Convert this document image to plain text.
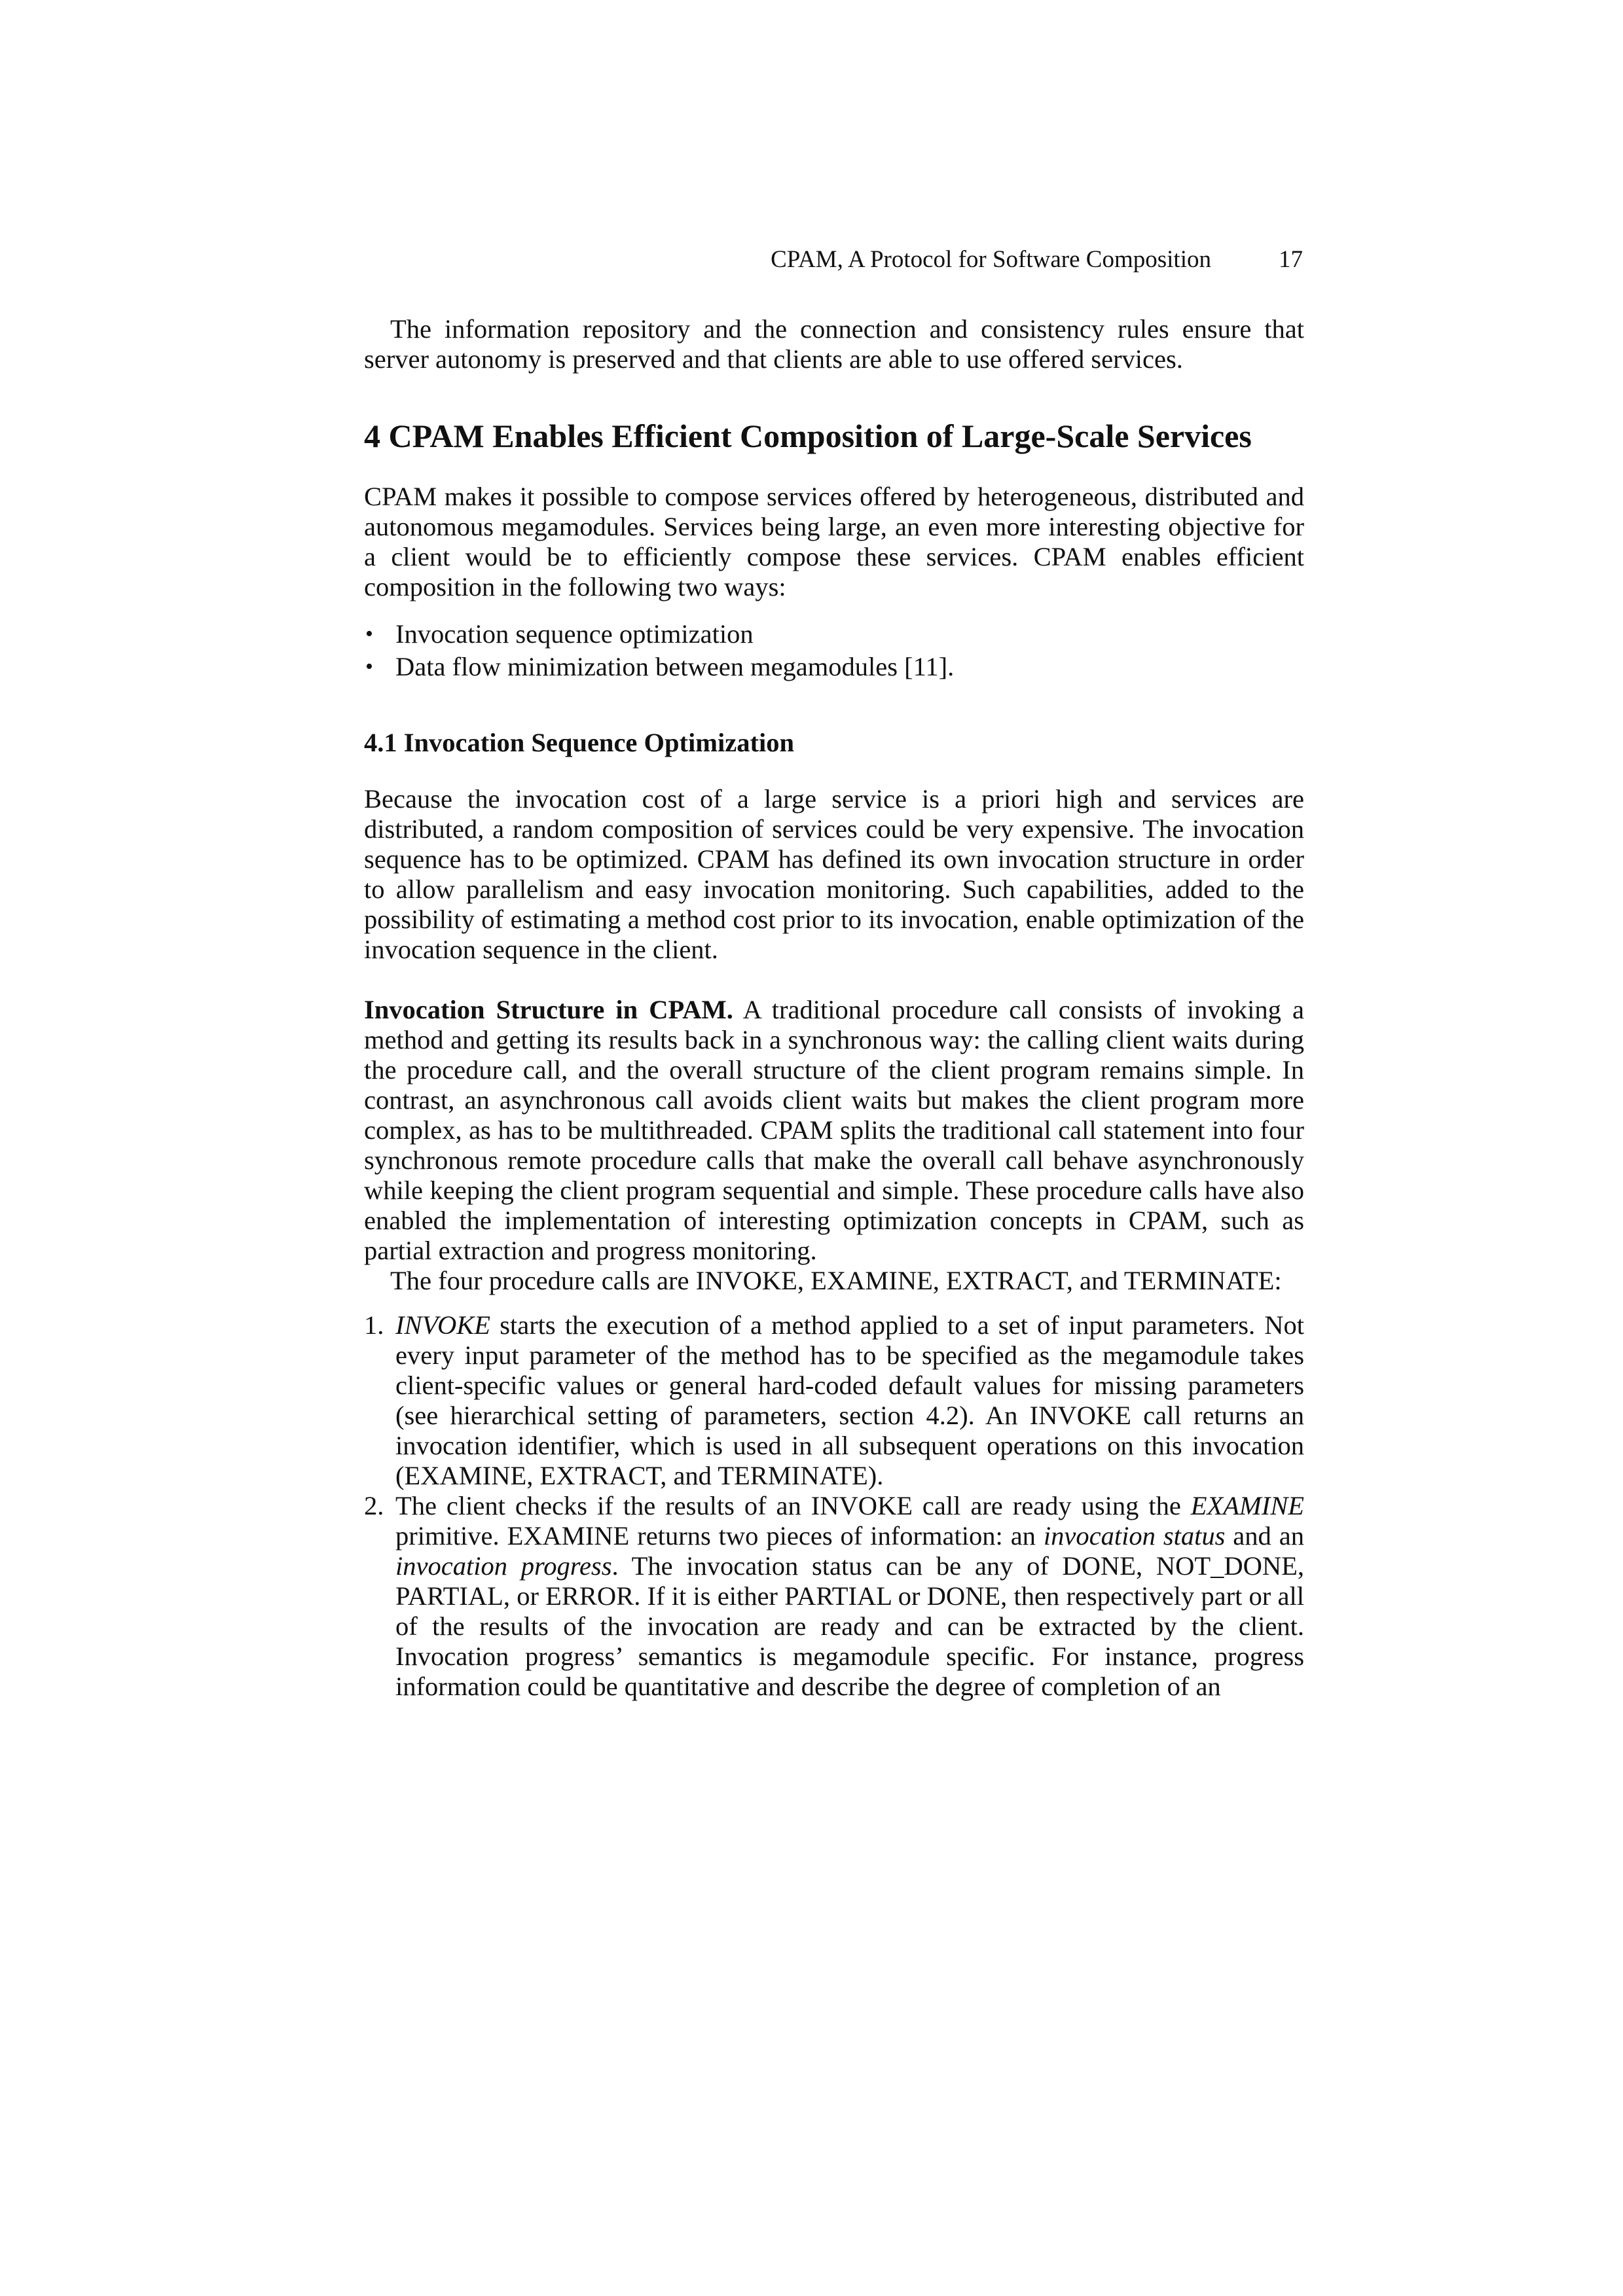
CPAM, A Protocol for Software Composition	17

The information repository and the connection and consistency rules ensure that server autonomy is preserved and that clients are able to use offered services.

4 CPAM Enables Efficient Composition of Large-Scale Services

CPAM makes it possible to compose services offered by heterogeneous, distributed and autonomous megamodules. Services being large, an even more interesting objective for a client would be to efficiently compose these services. CPAM enables efficient composition in the following two ways:

• Invocation sequence optimization
• Data flow minimization between megamodules [11].
4.1 Invocation Sequence Optimization

Because the invocation cost of a large service is a priori high and services are distributed, a random composition of services could be very expensive. The invocation sequence has to be optimized. CPAM has defined its own invocation structure in order to allow parallelism and easy invocation monitoring. Such capabilities, added to the possibility of estimating a method cost prior to its invocation, enable optimization of the invocation sequence in the client.

Invocation Structure in CPAM. A traditional procedure call consists of invoking a method and getting its results back in a synchronous way: the calling client waits during the procedure call, and the overall structure of the client program remains simple. In contrast, an asynchronous call avoids client waits but makes the client program more complex, as has to be multithreaded. CPAM splits the traditional call statement into four synchronous remote procedure calls that make the overall call behave asynchronously while keeping the client program sequential and simple. These procedure calls have also enabled the implementation of interesting optimization concepts in CPAM, such as partial extraction and progress monitoring.

The four procedure calls are INVOKE, EXAMINE, EXTRACT, and TERMINATE:

1. INVOKE starts the execution of a method applied to a set of input parameters. Not every input parameter of the method has to be specified as the megamodule takes client-specific values or general hard-coded default values for missing parameters (see hierarchical setting of parameters, section 4.2). An INVOKE call returns an invocation identifier, which is used in all subsequent operations on this invocation (EXAMINE, EXTRACT, and TERMINATE).
2. The client checks if the results of an INVOKE call are ready using the EXAMINE primitive. EXAMINE returns two pieces of information: an invocation status and an invocation progress. The invocation status can be any of DONE, NOT_DONE, PARTIAL, or ERROR. If it is either PARTIAL or DONE, then respectively part or all of the results of the invocation are ready and can be extracted by the client. Invocation progress’ semantics is megamodule specific. For instance, progress information could be quantitative and describe the degree of completion of an
